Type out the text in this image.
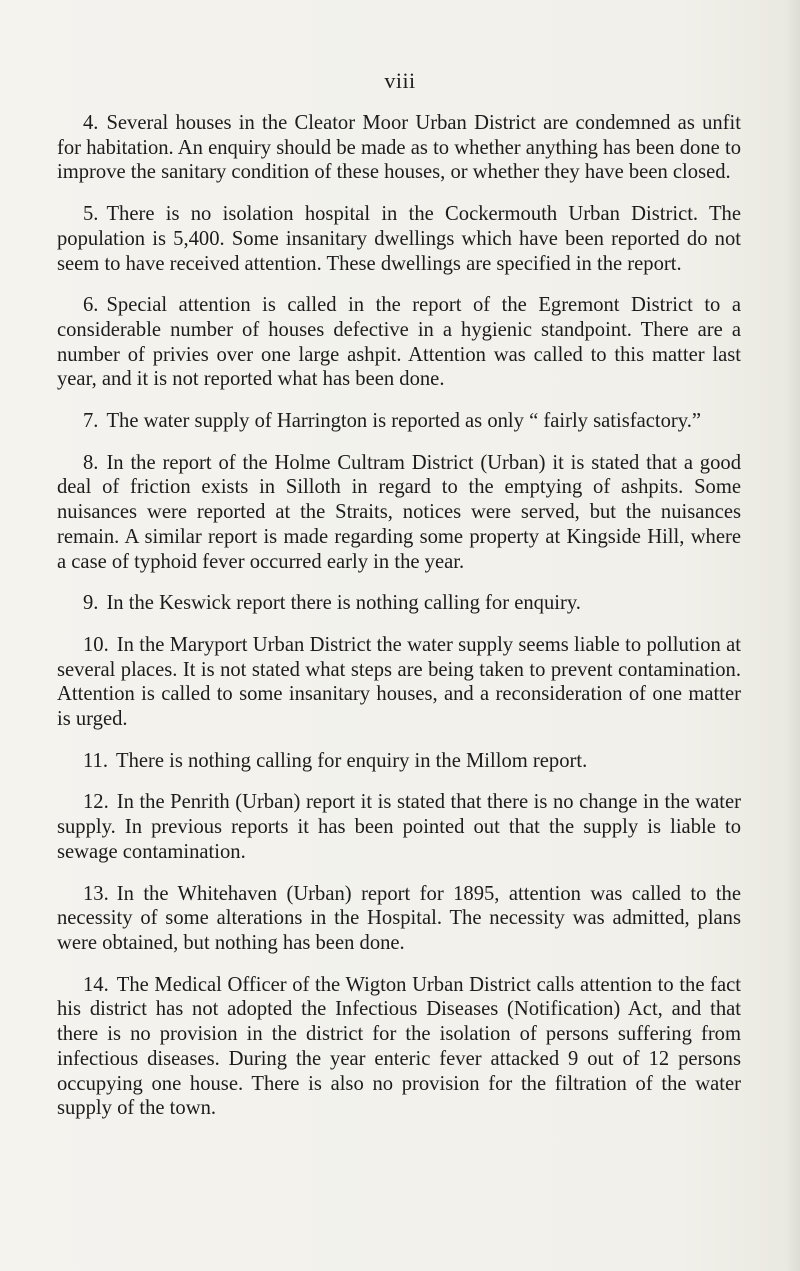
viii

4. Several houses in the Cleator Moor Urban District are condemned as unfit for habitation. An enquiry should be made as to whether anything has been done to improve the sanitary condition of these houses, or whether they have been closed.

5. There is no isolation hospital in the Cockermouth Urban District. The population is 5,400. Some insanitary dwellings which have been reported do not seem to have received attention. These dwellings are specified in the report.

6. Special attention is called in the report of the Egremont District to a considerable number of houses defective in a hygienic standpoint. There are a number of privies over one large ashpit. Attention was called to this matter last year, and it is not reported what has been done.

7. The water supply of Harrington is reported as only “ fairly satisfactory.”

8. In the report of the Holme Cultram District (Urban) it is stated that a good deal of friction exists in Silloth in regard to the emptying of ashpits. Some nuisances were reported at the Straits, notices were served, but the nuisances remain. A similar report is made regarding some property at Kingside Hill, where a case of typhoid fever occurred early in the year.

9. In the Keswick report there is nothing calling for enquiry.

10. In the Maryport Urban District the water supply seems liable to pollution at several places. It is not stated what steps are being taken to prevent contamination. Attention is called to some insanitary houses, and a reconsideration of one matter is urged.

11. There is nothing calling for enquiry in the Millom report.

12. In the Penrith (Urban) report it is stated that there is no change in the water supply. In previous reports it has been pointed out that the supply is liable to sewage contamination.

13. In the Whitehaven (Urban) report for 1895, attention was called to the necessity of some alterations in the Hospital. The necessity was admitted, plans were obtained, but nothing has been done.

14. The Medical Officer of the Wigton Urban District calls attention to the fact his district has not adopted the Infectious Diseases (Notification) Act, and that there is no provision in the district for the isolation of persons suffering from infectious diseases. During the year enteric fever attacked 9 out of 12 persons occupying one house. There is also no provision for the filtration of the water supply of the town.
